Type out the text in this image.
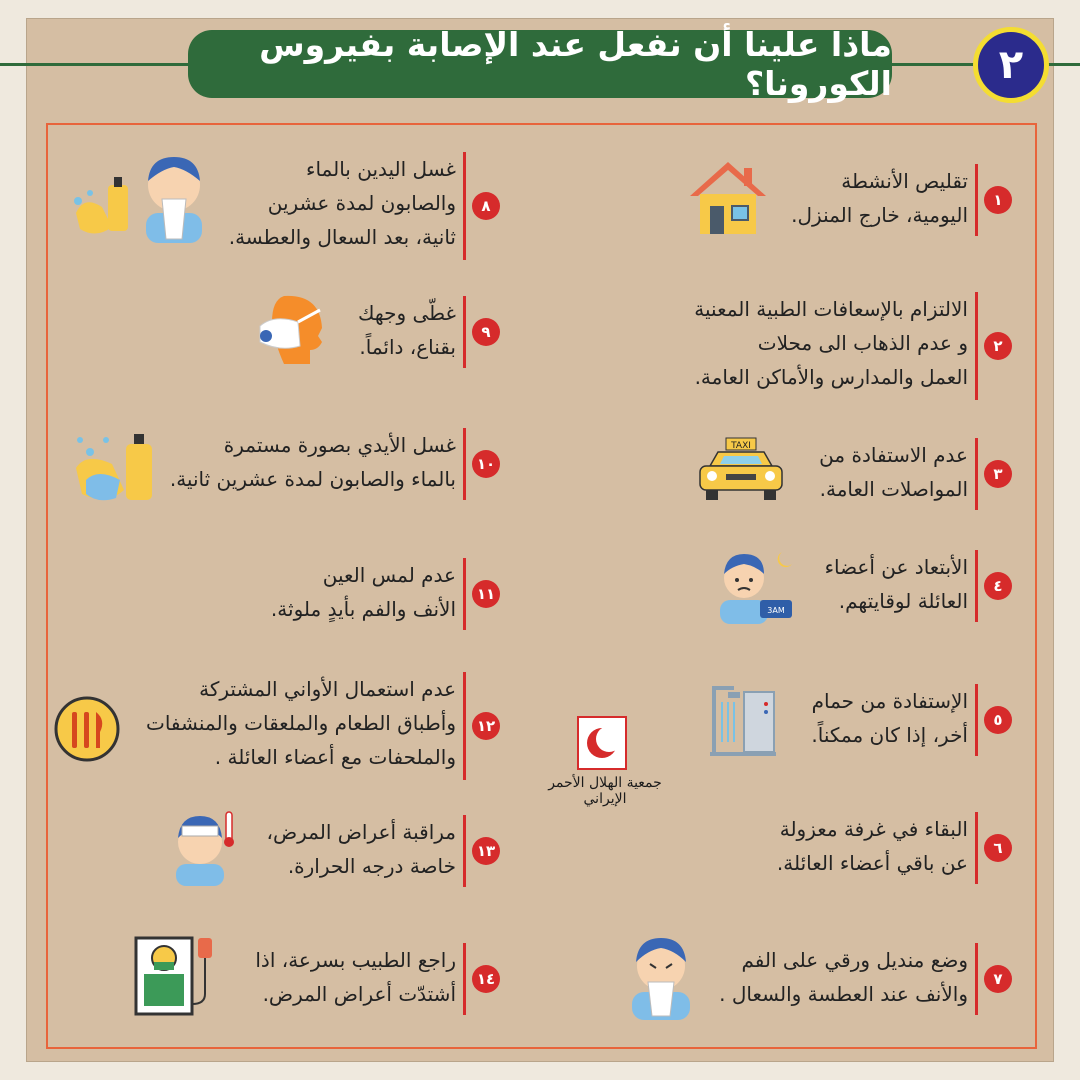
ماذا علينا أن نفعل عند الإصابة بفيروس الكورونا؟	٢
١
تقليص الأنشطة
اليومية، خارج المنزل.
٢
الالتزام بالإسعافات الطبية المعنية
و عدم الذهاب الى محلات
العمل والمدارس والأماكن العامة.
٣
عدم الاستفادة من
المواصلات العامة.
٤
الأبتعاد عن أعضاء
العائلة لوقايتهم.
٥
الإستفادة من حمام
أخر، إذا كان ممكناً.
٦
البقاء في غرفة معزولة
عن باقي أعضاء العائلة.
٧
وضع منديل ورقي على الفم
والأنف عند العطسة والسعال .
٨
غسل اليدين بالماء
والصابون لمدة عشرين
ثانية، بعد السعال والعطسة.
٩
غطّى وجهك
بقناع، دائماً.
١٠
غسل الأيدي بصورة مستمرة
بالماء والصابون لمدة عشرين ثانية.
١١
عدم لمس العين
الأنف والفم بأيدٍ ملوثة.
١٢
عدم استعمال الأواني المشتركة
وأطباق الطعام والملعقات والمنشفات
والملحفات مع أعضاء العائلة .
١٣
مراقبة أعراض المرض،
خاصة درجه الحرارة.
١٤
راجع الطبيب بسرعة، اذا
أشتدّت أعراض المرض.
TAXI
3AM
جمعية الهلال الأحمر الإيراني
